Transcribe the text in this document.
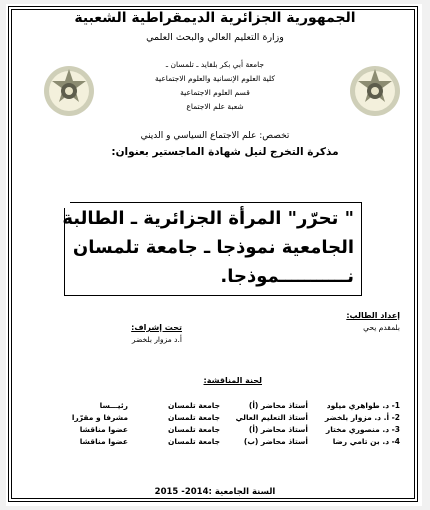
الجمهورية الجزائرية الديمقراطية الشعبية
وزارة التعليم العالي والبحث العلمي
جامعة أبي بكر بلقايد ـ تلمسان ـ
كلية العلوم الإنسانية والعلوم الاجتماعية
قسم العلوم الاجتماعية
شعبة علم الاجتماع
تخصص: علم الاجتماع السياسي و الديني
مذكرة التخرج لنيل شهادة الماجستير بعنوان:
" تحرّر" المرأة الجزائرية ـ الطالبة
الجامعية نموذجا ـ جامعة تلمسان
نـــــــــــموذجا.
إعداد الطالب:
بلمقدم يحي
تحت إشراف:
أ.د مزوار بلخضر
لجنة المناقشة:
1- د. طواهري ميلود
أستاذ محاضر (أ)
جامعة تلمسان
رئيـــسا
2- أ. د. مزوار بلخضر
أستاذ التعليم العالي
جامعة تلمسان
مشرفا و مقرّرا
3- د. منصوري مختار
أستاذ محاضر (أ)
جامعة تلمسان
عضوا مناقشا
4- د. بن تامي رضا
أستاذ محاضر (ب)
جامعة تلمسان
عضوا مناقشا
السنة الجامعية :2014- 2015
